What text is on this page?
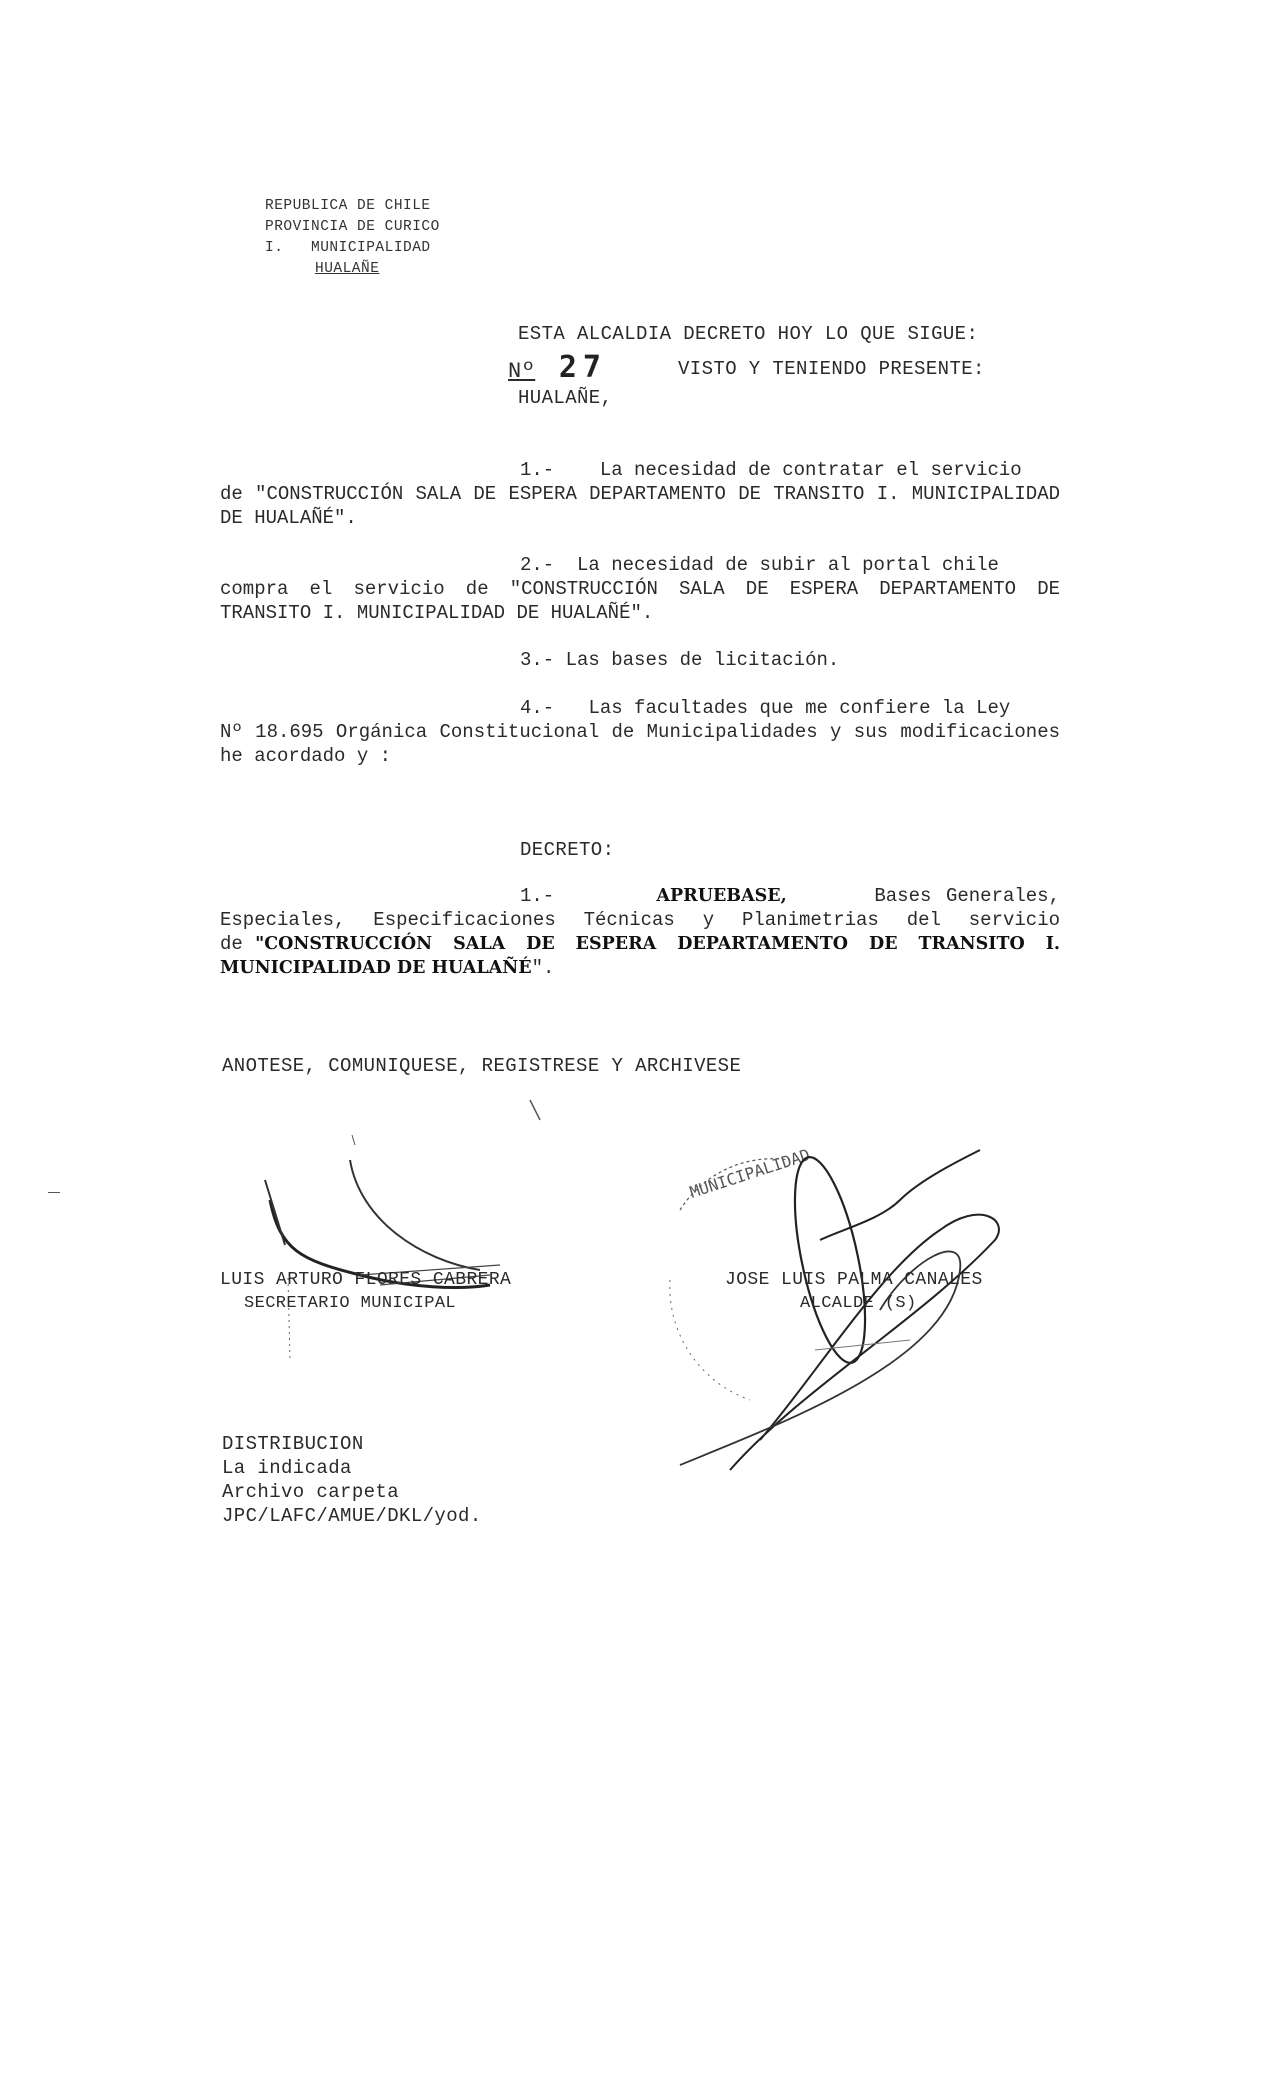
REPUBLICA DE CHILE
PROVINCIA DE CURICO
I.   MUNICIPALIDAD
HUALAÑE
ESTA ALCALDIA DECRETO HOY LO QUE SIGUE:
Nº 27	VISTO Y TENIENDO PRESENTE:
HUALAÑE,
1.- La necesidad de contratar el servicio
de "CONSTRUCCIÓN SALA DE ESPERA DEPARTAMENTO DE TRANSITO I. MUNICIPALIDAD DE HUALAÑÉ".
2.- La necesidad de subir al portal chile
compra el servicio de "CONSTRUCCIÓN SALA DE ESPERA DEPARTAMENTO DE TRANSITO I. MUNICIPALIDAD DE HUALAÑÉ".
3.- Las bases de licitación.
4.- Las facultades que me confiere la Ley
Nº 18.695 Orgánica Constitucional de Municipalidades y sus modificaciones he acordado y :
DECRETO:
1.-	APRUEBASE,	Bases Generales,
Especiales, Especificaciones Técnicas y Planimetrias del servicio
de "CONSTRUCCIÓN SALA DE ESPERA DEPARTAMENTO DE TRANSITO I.
MUNICIPALIDAD DE HUALAÑÉ".
ANOTESE, COMUNIQUESE, REGISTRESE Y ARCHIVESE
MUNICIPALIDAD
LUIS ARTURO FLORES CABRERA
SECRETARIO MUNICIPAL
JOSE LUIS PALMA CANALES
ALCALDE (S)
DISTRIBUCION
La indicada
Archivo carpeta
JPC/LAFC/AMUE/DKL/yod.
